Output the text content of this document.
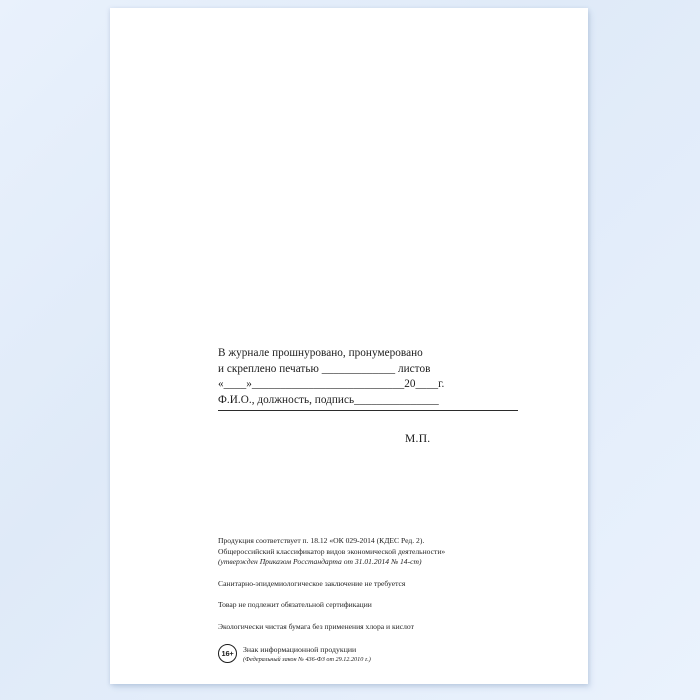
В журнале прошнуровано, пронумеровано
и скреплено печатью _____________ листов
«____»___________________________20____г.
Ф.И.О., должность, подпись_______________
М.П.

Продукция соответствует п. 18.12 «ОК 029-2014 (КДЕС Ред. 2).

Общероссийский классификатор видов экономической деятельности»

(утвержден Приказом Росстандарта от 31.01.2014 № 14-ст)

Санитарно-эпидемиологическое заключение не требуется

Товар не подлежит обязательной сертификации

Экологически чистая бумага без применения хлора и кислот

16+	Знак информационной продукции

(Федеральный закон № 436-ФЗ от 29.12.2010 г.)
